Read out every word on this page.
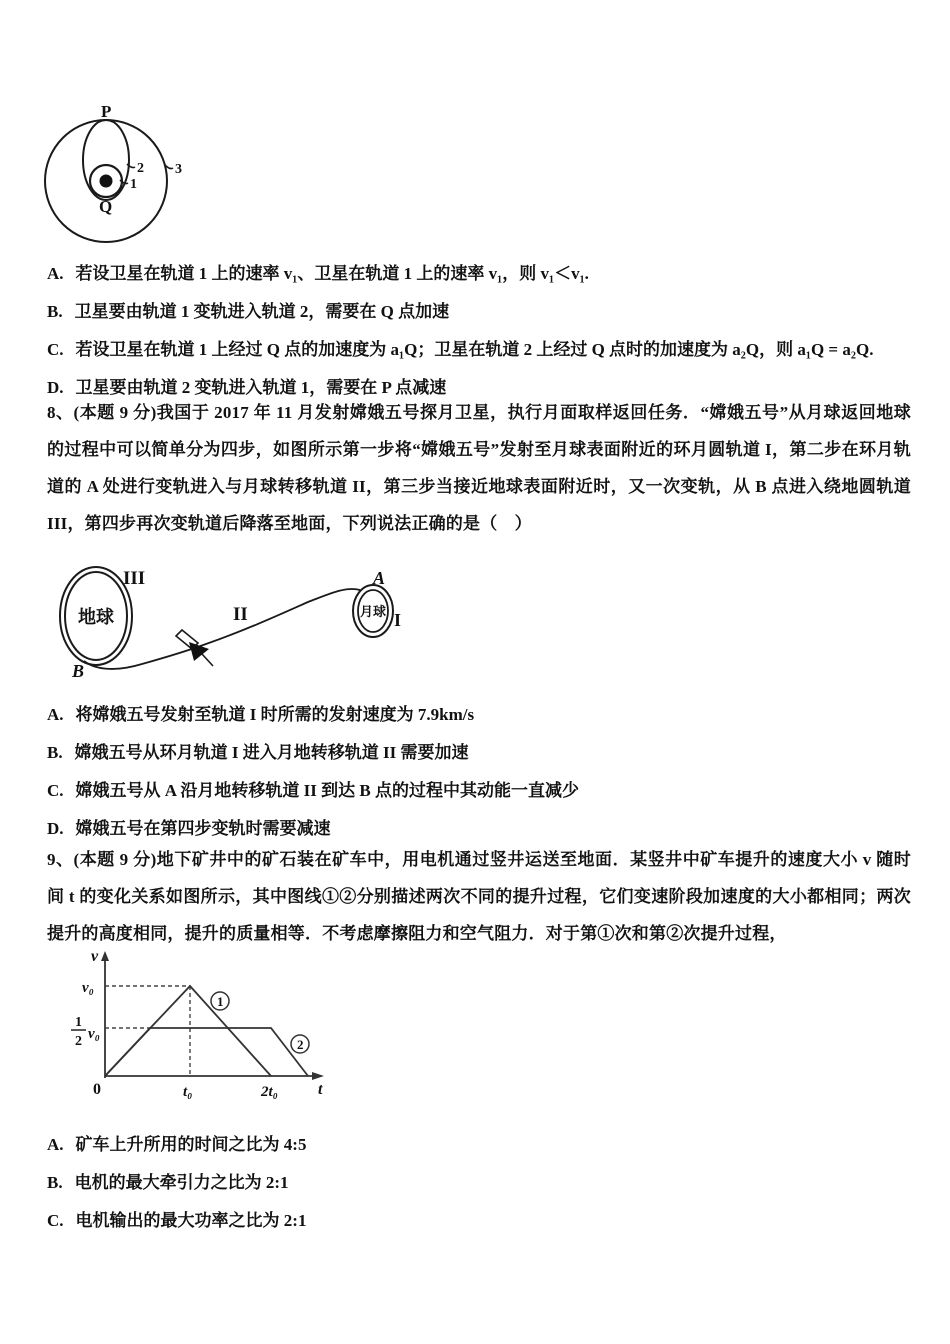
P
Q
1
2 3
A. 若设卫星在轨道 1 上的速率 v₁、卫星在轨道 1 上的速率 v₁，则 v₁＜v₁.
B. 卫星要由轨道 1 变轨进入轨道 2，需要在 Q 点加速
C. 若设卫星在轨道 1 上经过 Q 点的加速度为 a₁Q；卫星在轨道 2 上经过 Q 点时的加速度为 a₂Q，则 a₁Q = a₂Q.
D. 卫星要由轨道 2 变轨进入轨道 1，需要在 P 点减速
8、(本题 9 分)我国于 2017 年 11 月发射嫦娥五号探月卫星，执行月面取样返回任务．“嫦娥五号”从月球返回地球的过程中可以简单分为四步，如图所示第一步将“嫦娥五号”发射至月球表面附近的环月圆轨道 I，第二步在环月轨道的 A 处进行变轨进入与月球转移轨道 II，第三步当接近地球表面附近时，又一次变轨，从 B 点进入绕地圆轨道 III，第四步再次变轨道后降落至地面，下列说法正确的是（　）
地球
III
B
II	月球
A
I
A. 将嫦娥五号发射至轨道 I 时所需的发射速度为 7.9km/s
B. 嫦娥五号从环月轨道 I 进入月地转移轨道 II 需要加速
C. 嫦娥五号从 A 沿月地转移轨道 II 到达 B 点的过程中其动能一直减少
D. 嫦娥五号在第四步变轨时需要减速
9、(本题 9 分)地下矿井中的矿石装在矿车中，用电机通过竖井运送至地面．某竖井中矿车提升的速度大小 v 随时间 t 的变化关系如图所示，其中图线①②分别描述两次不同的提升过程，它们变速阶段加速度的大小都相同；两次提升的高度相同，提升的质量相等．不考虑摩擦阻力和空气阻力．对于第①次和第②次提升过程，
1
2
v
v₀
1
2 v₀
0	t₀	2t₀	t
A. 矿车上升所用的时间之比为 4:5
B. 电机的最大牵引力之比为 2:1
C. 电机输出的最大功率之比为 2:1
